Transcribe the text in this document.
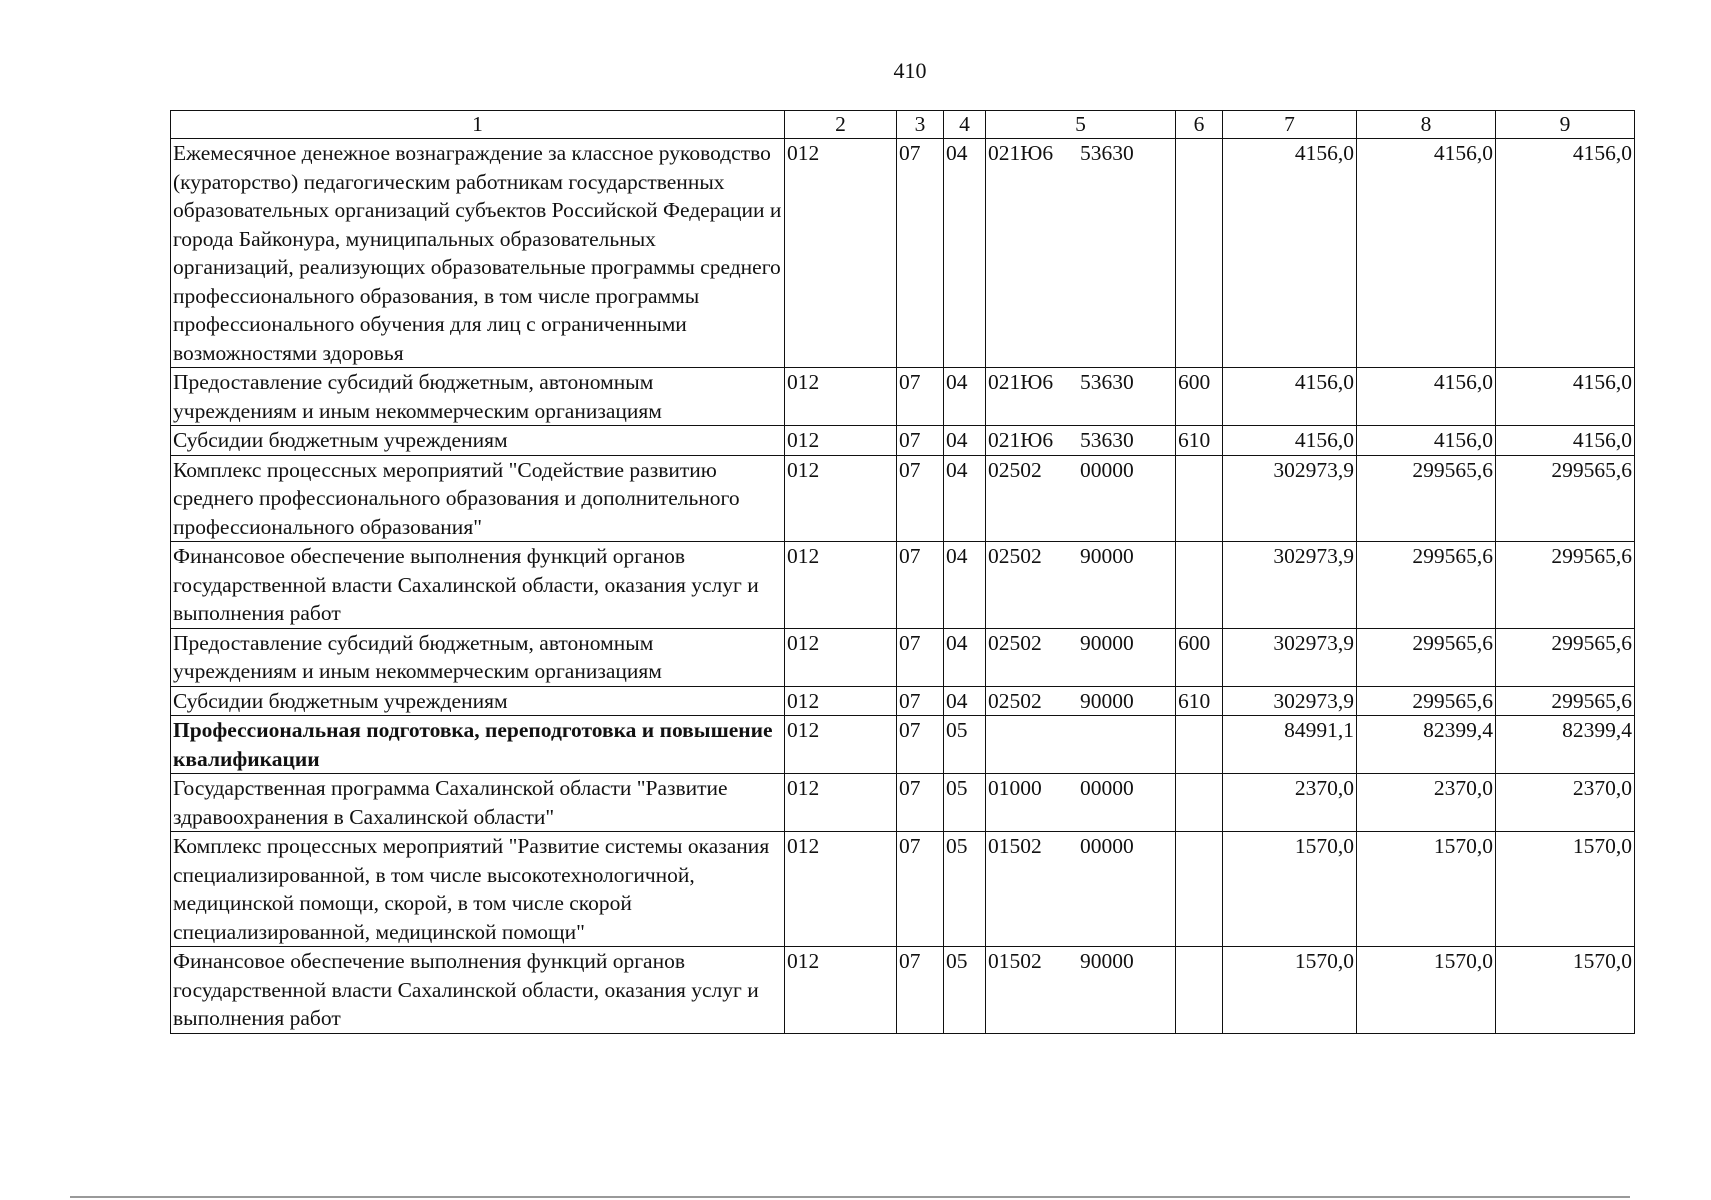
410
1	2	3	4	5	6	7	8	9
Ежемесячное денежное вознаграждение за классное руководство (кураторство) педагогическим работникам государственных образовательных организаций субъектов Российской Федерации и города Байконура, муниципальных образовательных организаций, реализующих образовательные программы среднего профессионального образования, в том числе программы профессионального обучения для лиц с ограниченными возможностями здоровья	012	07	04	021Ю6 53630		4156,0	4156,0	4156,0
Предоставление субсидий бюджетным, автономным учреждениям и иным некоммерческим организациям	012	07	04	021Ю6 53630	600	4156,0	4156,0	4156,0
Субсидии бюджетным учреждениям	012	07	04	021Ю6 53630	610	4156,0	4156,0	4156,0
Комплекс процессных мероприятий "Содействие развитию среднего профессионального образования и дополнительного профессионального образования"	012	07	04	02502 00000		302973,9	299565,6	299565,6
Финансовое обеспечение выполнения функций органов государственной власти Сахалинской области, оказания услуг и выполнения работ	012	07	04	02502 90000		302973,9	299565,6	299565,6
Предоставление субсидий бюджетным, автономным учреждениям и иным некоммерческим организациям	012	07	04	02502 90000	600	302973,9	299565,6	299565,6
Субсидии бюджетным учреждениям	012	07	04	02502 90000	610	302973,9	299565,6	299565,6
Профессиональная подготовка, переподготовка и повышение квалификации	012	07	05			84991,1	82399,4	82399,4
Государственная программа Сахалинской области "Развитие здравоохранения в Сахалинской области"	012	07	05	01000 00000		2370,0	2370,0	2370,0
Комплекс процессных мероприятий "Развитие системы оказания специализированной, в том числе высокотехнологичной, медицинской помощи, скорой, в том числе скорой специализированной, медицинской помощи"	012	07	05	01502 00000		1570,0	1570,0	1570,0
Финансовое обеспечение выполнения функций органов государственной власти Сахалинской области, оказания услуг и выполнения работ	012	07	05	01502 90000		1570,0	1570,0	1570,0
